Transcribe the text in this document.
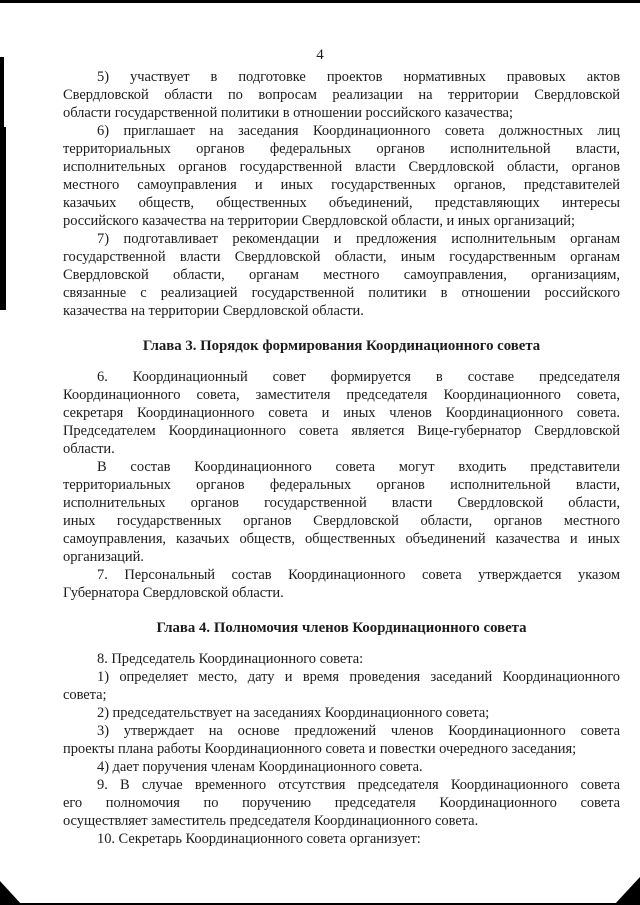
4
5) участвует в подготовке проектов нормативных правовых актов
Свердловской области по вопросам реализации на территории Свердловской
области государственной политики в отношении российского казачества;
6) приглашает на заседания Координационного совета должностных лиц
территориальных органов федеральных органов исполнительной власти,
исполнительных органов государственной власти Свердловской области, органов
местного самоуправления и иных государственных органов, представителей
казачьих обществ, общественных объединений, представляющих интересы
российского казачества на территории Свердловской области, и иных организаций;
7) подготавливает рекомендации и предложения исполнительным органам
государственной власти Свердловской области, иным государственным органам
Свердловской области, органам местного самоуправления, организациям,
связанные с реализацией государственной политики в отношении российского
казачества на территории Свердловской области.
Глава 3. Порядок формирования Координационного совета
6. Координационный совет формируется в составе председателя
Координационного совета, заместителя председателя Координационного совета,
секретаря Координационного совета и иных членов Координационного совета.
Председателем Координационного совета является Вице-губернатор Свердловской
области.
В состав Координационного совета могут входить представители
территориальных органов федеральных органов исполнительной власти,
исполнительных органов государственной власти Свердловской области,
иных государственных органов Свердловской области, органов местного
самоуправления, казачьих обществ, общественных объединений казачества и иных
организаций.
7. Персональный состав Координационного совета утверждается указом
Губернатора Свердловской области.
Глава 4. Полномочия членов Координационного совета
8. Председатель Координационного совета:
1) определяет место, дату и время проведения заседаний Координационного
совета;
2) председательствует на заседаниях Координационного совета;
3) утверждает на основе предложений членов Координационного совета
проекты плана работы Координационного совета и повестки очередного заседания;
4) дает поручения членам Координационного совета.
9. В случае временного отсутствия председателя Координационного совета
его полномочия по поручению председателя Координационного совета
осуществляет заместитель председателя Координационного совета.
10. Секретарь Координационного совета организует:
